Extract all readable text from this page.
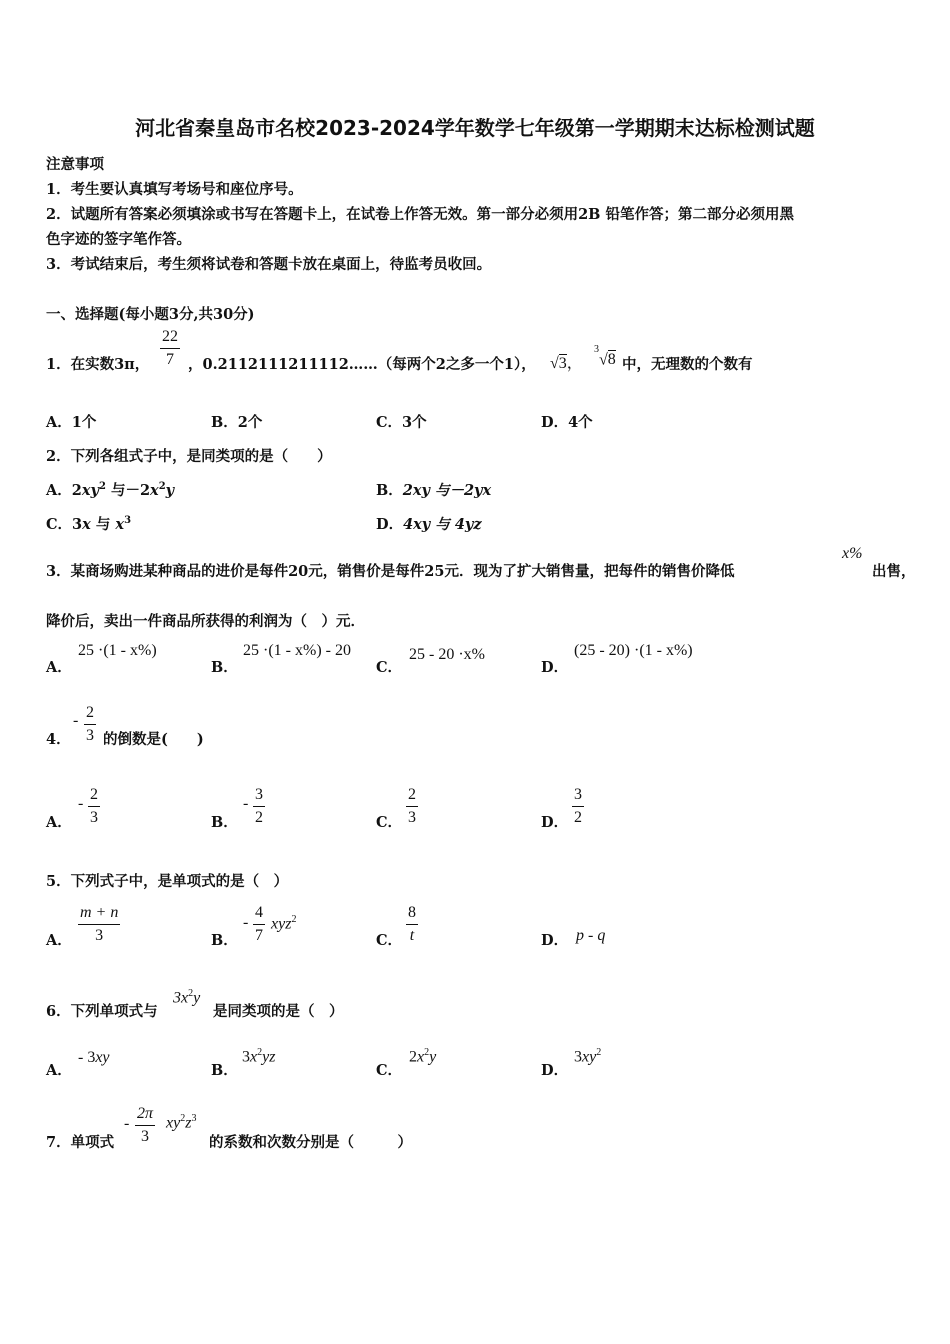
河北省秦皇岛市名校2023-2024学年数学七年级第一学期期末达标检测试题
注意事项
1．考生要认真填写考场号和座位序号。
2．试题所有答案必须填涂或书写在答题卡上，在试卷上作答无效。第一部分必须用2B 铅笔作答；第二部分必须用黑
色字迹的签字笔作答。
3．考试结束后，考生须将试卷和答题卡放在桌面上，待监考员收回。
一、选择题(每小题3分,共30分)
1．在实数3π， $\frac{22}{7}$ ，0.2112111211112……（每两个2之多一个1）， √3，
$^3$√8 中，无理数的个数有
A．1个	B．2个	C．3个	D．4个
2．下列各组式子中，是同类项的是（　　）
A．$2xy^2$ 与$-2x^2y$	B．2xy 与－2yx
C．3x 与 $x^3$	D．4xy 与 4yz
3．某商场购进某种商品的进价是每件20元，销售价是每件25元．现为了扩大销售量，把每件的销售价降低
x%
出售，
降价后，卖出一件商品所获得的利润为（　）元．
A．
25 ·(1 - x%)
B．
25 ·(1 - x%) - 20
C．
25 - 20 ·x%
D．
(25 - 20) ·(1 - x%)
4．
- $\frac{2}{3}$ 的倒数是(　　)
A．
- $\frac{2}{3}$	B．
- $\frac{3}{2}$	C． $\frac{2}{3}$	D． $\frac{3}{2}$
5．下列式子中，是单项式的是（　）
A． $\frac{m + n}{3}$	B．
- $\frac{4}{7} xyz^2$
C． $\frac{8}{t}$	D． p - q
6．下列单项式与
$3x^2y$
是同类项的是（　）
A．
- 3xy
B．
$3x^2yz$
C．
$2x^2y$
D．
$3xy^2$
7．单项式
- $\frac{2\pi}{3} xy^2z^3$
的系数和次数分别是（　　　）
